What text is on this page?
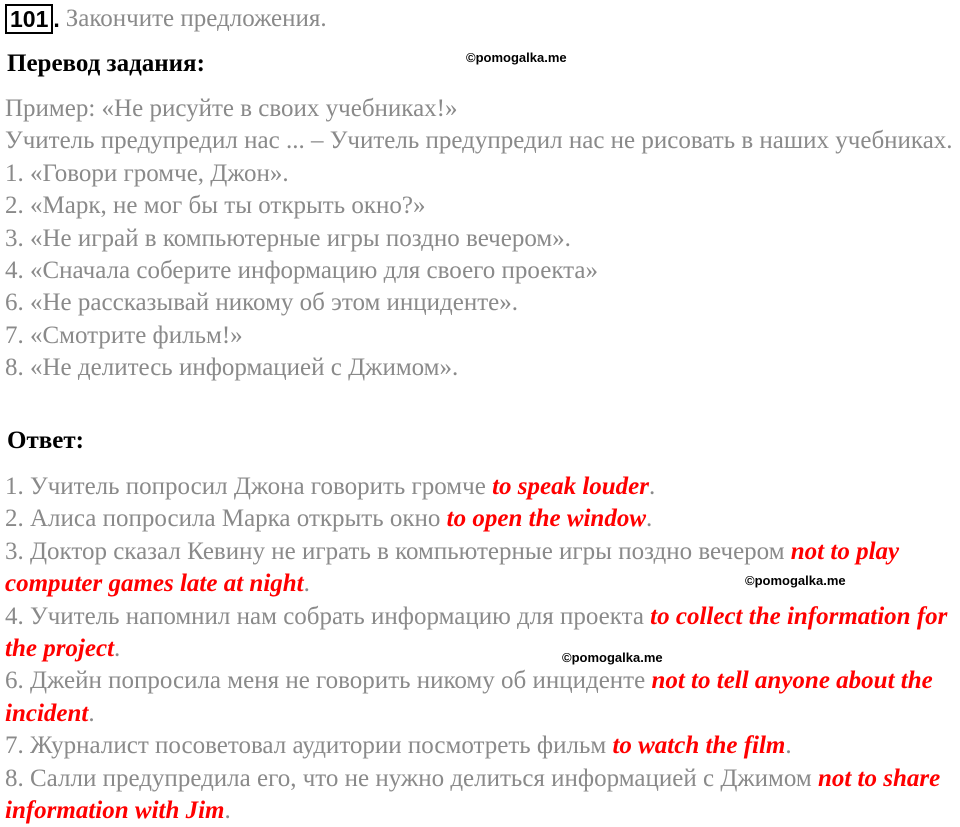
101 . Закончите предложения.
Перевод задания:	©pomogalka.me

Пример: «Не рисуйте в своих учебниках!»

Учитель предупредил нас ... – Учитель предупредил нас не рисовать в наших учебниках.

1. «Говори громче, Джон».

2. «Марк, не мог бы ты открыть окно?»

3. «Не играй в компьютерные игры поздно вечером».

4. «Сначала соберите информацию для своего проекта»

6. «Не рассказывай никому об этом инциденте».

7. «Смотрите фильм!»

8. «Не делитесь информацией с Джимом».

Ответ:

1. Учитель попросил Джона говорить громче to speak louder.

2. Алиса попросила Марка открыть окно to open the window.

3. Доктор сказал Кевину не играть в компьютерные игры поздно вечером not to play computer games late at night.

4. Учитель напомнил нам собрать информацию для проекта to collect the information for the project.

6. Джейн попросила меня не говорить никому об инциденте not to tell anyone about the incident.

7. Журналист посоветовал аудитории посмотреть фильм to watch the film.

8. Салли предупредила его, что не нужно делиться информацией с Джимом not to share information with Jim.

©pomogalka.me
©pomogalka.me
